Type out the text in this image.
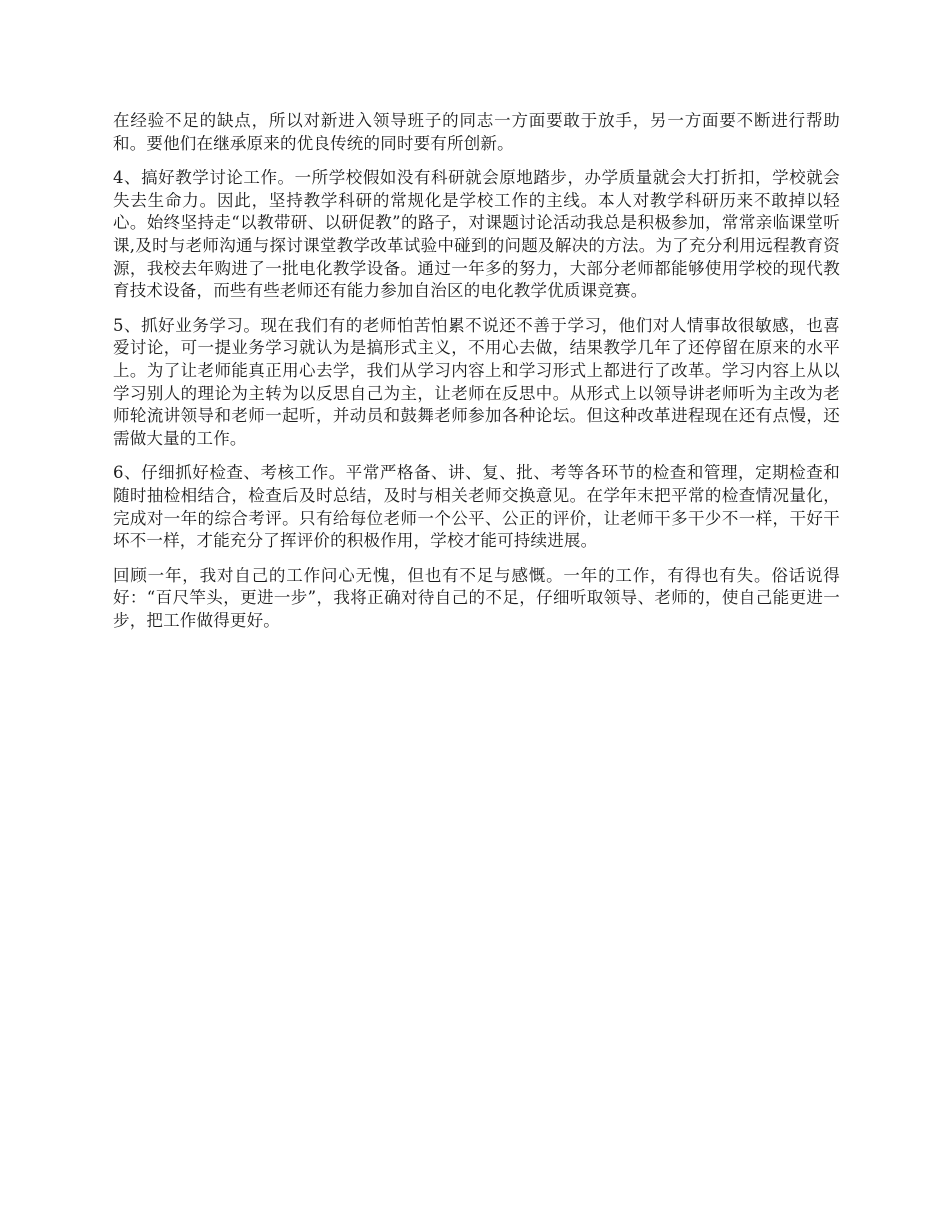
在经验不足的缺点，所以对新进入领导班子的同志一方面要敢于放手，另一方面要不断进行帮助和。要他们在继承原来的优良传统的同时要有所创新。

4、搞好教学讨论工作。一所学校假如没有科研就会原地踏步，办学质量就会大打折扣，学校就会失去生命力。因此，坚持教学科研的常规化是学校工作的主线。本人对教学科研历来不敢掉以轻心。始终坚持走“以教带研、以研促教”的路子，对课题讨论活动我总是积极参加，常常亲临课堂听课,及时与老师沟通与探讨课堂教学改革试验中碰到的问题及解决的方法。为了充分利用远程教育资源，我校去年购进了一批电化教学设备。通过一年多的努力，大部分老师都能够使用学校的现代教育技术设备，而些有些老师还有能力参加自治区的电化教学优质课竞赛。

5、抓好业务学习。现在我们有的老师怕苦怕累不说还不善于学习，他们对人情事故很敏感，也喜爱讨论，可一提业务学习就认为是搞形式主义，不用心去做，结果教学几年了还停留在原来的水平上。为了让老师能真正用心去学，我们从学习内容上和学习形式上都进行了改革。学习内容上从以学习别人的理论为主转为以反思自己为主，让老师在反思中。从形式上以领导讲老师听为主改为老师轮流讲领导和老师一起听，并动员和鼓舞老师参加各种论坛。但这种改革进程现在还有点慢，还需做大量的工作。

6、仔细抓好检查、考核工作。平常严格备、讲、复、批、考等各环节的检查和管理，定期检查和随时抽检相结合，检查后及时总结，及时与相关老师交换意见。在学年末把平常的检查情况量化，完成对一年的综合考评。只有给每位老师一个公平、公正的评价，让老师干多干少不一样，干好干坏不一样，才能充分了挥评价的积极作用，学校才能可持续进展。

回顾一年，我对自己的工作问心无愧，但也有不足与感慨。一年的工作，有得也有失。俗话说得好：“百尺竿头，更进一步”，我将正确对待自己的不足，仔细听取领导、老师的，使自己能更进一步，把工作做得更好。
